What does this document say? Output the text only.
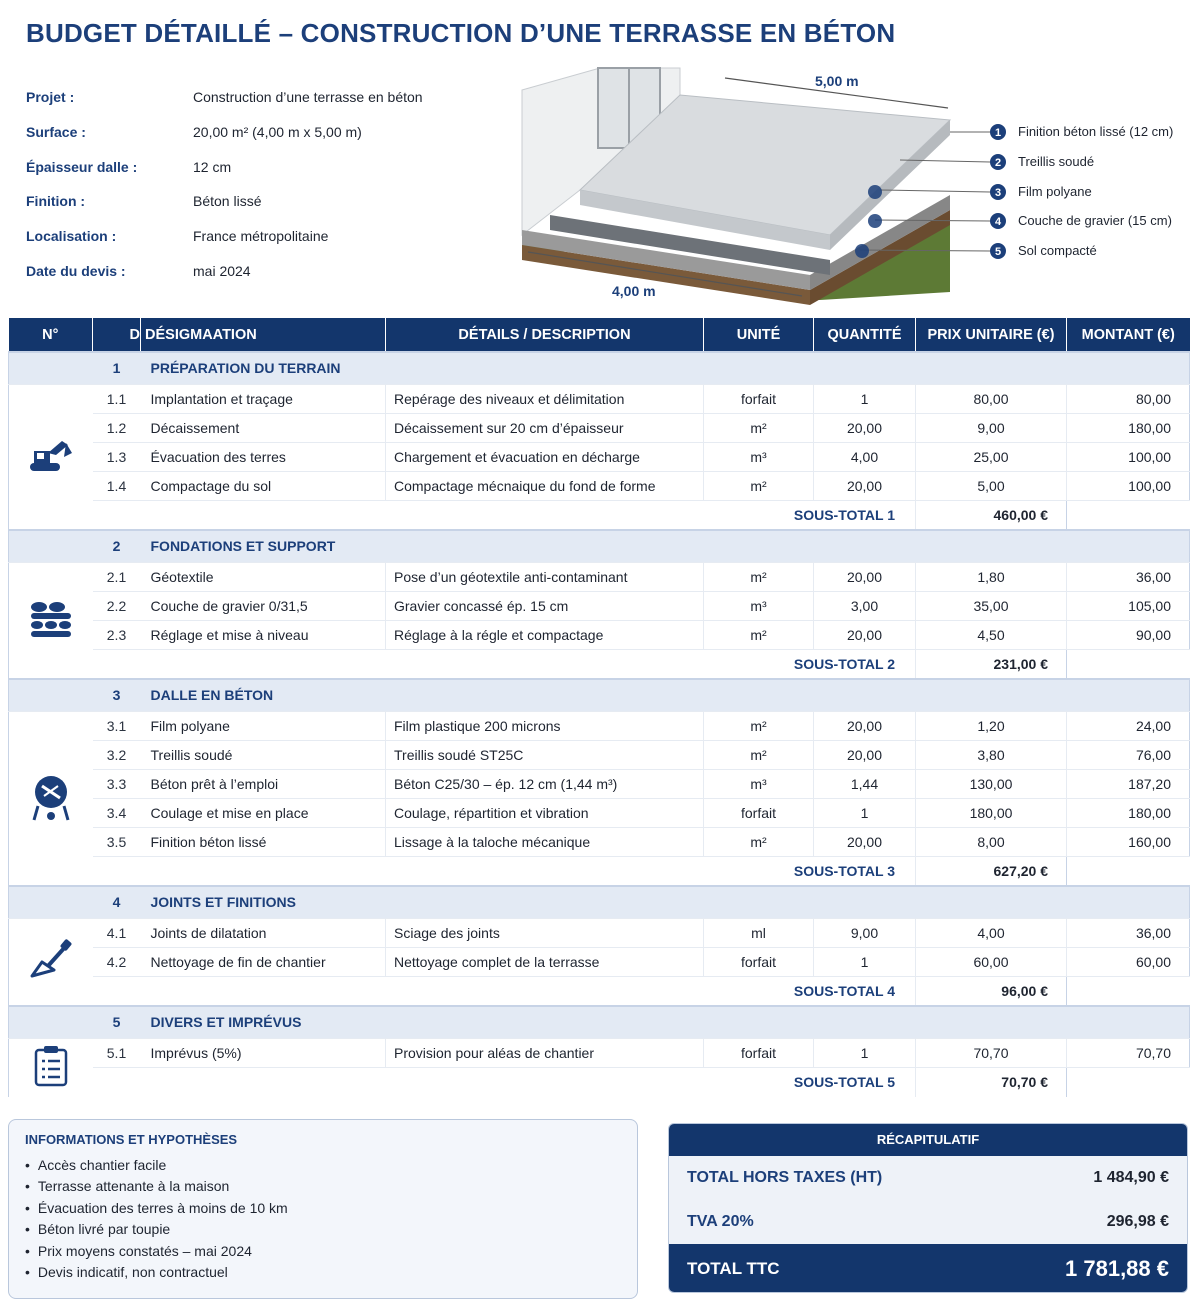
BUDGET DÉTAILLÉ – CONSTRUCTION D’UNE TERRASSE EN BÉTON
Projet :	Construction d’une terrasse en béton
Surface :	20,00 m² (4,00 m x 5,00 m)
Épaisseur dalle :	12 cm
Finition :	Béton lissé
Localisation :	France métropolitaine
Date du devis :	mai 2024
1
2
3
4
5
Finition béton lissé (12 cm)
Treillis soudé
Film polyane
Couche de gravier (15 cm)
Sol compacté
5,00 m
4,00 m
N°	D	DÉSIGMAATION	DÉTAILS / DESCRIPTION	UNITÉ	QUANTITÉ	PRIX UNITAIRE (€)	MONTANT (€)
	1	PRÉPARATION DU TERRAIN					
	1.1	Implantation et traçage	Repérage des niveaux et délimitation	forfait	1	80,00	80,00
	1.2	Décaissement	Décaissement sur 20 cm d’épaisseur	m²	20,00	9,00	180,00
	1.3	Évacuation des terres	Chargement et évacuation en décharge	m³	4,00	25,00	100,00
	1.4	Compactage du sol	Compactage mécnaique du fond de forme	m²	20,00	5,00	100,00
	SOUS-TOTAL 1					460,00 €	
	2	FONDATIONS ET SUPPORT					
	2.1	Géotextile	Pose d’un géotextile anti-contaminant	m²	20,00	1,80	36,00
	2.2	Couche de gravier 0/31,5	Gravier concassé ép. 15 cm	m³	3,00	35,00	105,00
	2.3	Réglage et mise à niveau	Réglage à la régle et compactage	m²	20,00	4,50	90,00
	SOUS-TOTAL 2					231,00 €	
	3	DALLE EN BÉTON					
	3.1	Film polyane	Film plastique 200 microns	m²	20,00	1,20	24,00
	3.2	Treillis soudé	Treillis soudé ST25C	m²	20,00	3,80	76,00
	3.3	Béton prêt à l’emploi	Béton C25/30 – ép. 12 cm (1,44 m³)	m³	1,44	130,00	187,20
	3.4	Coulage et mise en place	Coulage, répartition et vibration	forfait	1	180,00	180,00
	3.5	Finition béton lissé	Lissage à la taloche mécanique	m²	20,00	8,00	160,00
	SOUS-TOTAL 3					627,20 €	
	4	JOINTS ET FINITIONS					
	4.1	Joints de dilatation	Sciage des joints	ml	9,00	4,00	36,00
	4.2	Nettoyage de fin de chantier	Nettoyage complet de la terrasse	forfait	1	60,00	60,00
	SOUS-TOTAL 4					96,00 €	
	5	DIVERS ET IMPRÉVUS					
	5.1	Imprévus (5%)	Provision pour aléas de chantier	forfait	1	70,70	70,70
	SOUS-TOTAL 5					70,70 €	
INFORMATIONS ET HYPOTHÈSES
• Accès chantier facile
• Terrasse attenante à la maison
• Évacuation des terres à moins de 10 km
• Béton livré par toupie
• Prix moyens constatés – mai 2024
• Devis indicatif, non contractuel
RÉCAPITULATIF
TOTAL HORS TAXES (HT)	1 484,90 €
TVA 20%	296,98 €
TOTAL TTC	1 781,88 €
